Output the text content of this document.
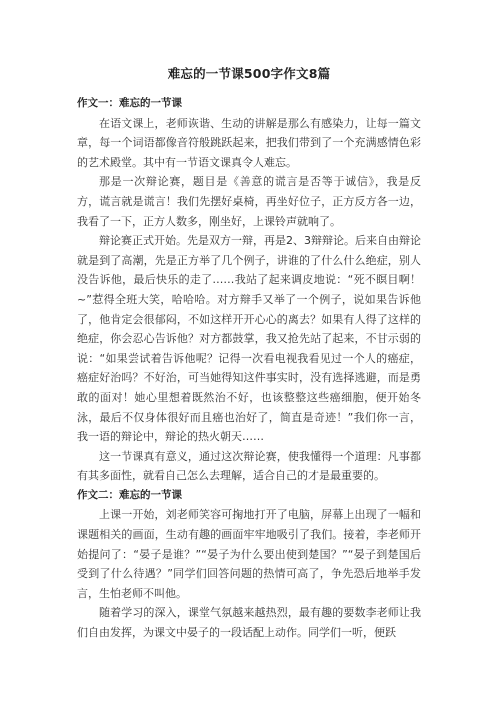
难忘的一节课500字作文8篇

作文一：难忘的一节课

在语文课上，老师诙谐、生动的讲解是那么有感染力，让每一篇文章，每一个词语都像音符般跳跃起来，把我们带到了一个充满感情色彩的艺术殿堂。其中有一节语文课真令人难忘。

那是一次辩论赛，题目是《善意的谎言是否等于诚信》，我是反方，谎言就是谎言！我们先摆好桌椅，再坐好位子，正方反方各一边，我看了一下，正方人数多，刚坐好，上课铃声就响了。

辩论赛正式开始。先是双方一辩，再是2、3辩辩论。后来自由辩论就是到了高潮，先是正方举了几个例子，讲谁的了什么什么绝症，别人没告诉他，最后快乐的走了……我站了起来调皮地说：“死不瞑目啊！~”惹得全班大笑，哈哈哈。对方辩手又举了一个例子，说如果告诉他了，他肯定会很郁闷，不如这样开开心心的离去？如果有人得了这样的绝症，你会忍心告诉他？对方都鼓掌，我又抢先站了起来，不甘示弱的说：“如果尝试着告诉他呢？记得一次看电视我看见过一个人的癌症，癌症好治吗？不好治，可当她得知这件事实时，没有选择逃避，而是勇敢的面对！她心里想着既然治不好，也该整整这些癌细胞，便开始冬泳，最后不仅身体很好而且癌也治好了，简直是奇迹！”我们你一言，我一语的辩论中，辩论的热火朝天……

这一节课真有意义，通过这次辩论赛，使我懂得一个道理：凡事都有其多面性，就看自己怎么去理解，适合自己的才是最重要的。

作文二：难忘的一节课

上课一开始，刘老师笑容可掬地打开了电脑，屏幕上出现了一幅和课题相关的画面，生动有趣的画面牢牢地吸引了我们。接着，李老师开始提问了：“晏子是谁？”“晏子为什么要出使到楚国？”“晏子到楚国后受到了什么待遇？”同学们回答问题的热情可高了，争先恐后地举手发言，生怕老师不叫他。

随着学习的深入，课堂气氛越来越热烈，最有趣的要数李老师让我们自由发挥，为课文中晏子的一段话配上动作。同学们一听，便跃
